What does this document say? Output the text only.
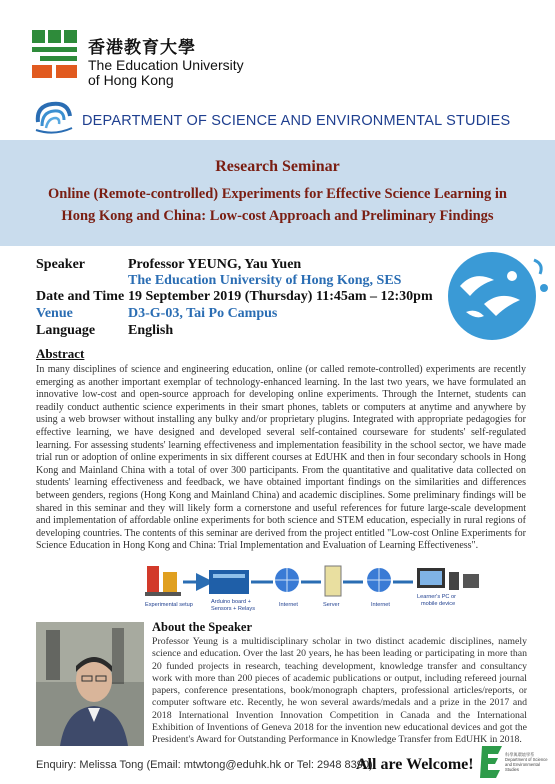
香港教育大學
The Education University
of Hong Kong
DEPARTMENT OF SCIENCE AND ENVIRONMENTAL STUDIES
Research Seminar
Online (Remote-controlled) Experiments for Effective Science Learning in
Hong Kong and China: Low-cost Approach and Preliminary Findings
Speaker	Professor YEUNG, Yau Yuen
The Education University of Hong Kong, SES
Date and Time 19 September 2019 (Thursday) 11:45am – 12:30pm
Venue	D3-G-03, Tai Po Campus
Language English
Abstract

In many disciplines of science and engineering education, online (or called remote-controlled) experiments are recently emerging as another important exemplar of technology-enhanced learning. In the last two years, we have formulated an innovative low-cost and open-source approach for developing online experiments. Through the Internet, students can readily conduct authentic science experiments in their smart phones, tablets or computers at anytime and anywhere by using a web browser without installing any bulky and/or proprietary plugins. Integrated with appropriate pedagogies for effective learning, we have designed and developed several self-contained courseware for students' self-regulated learning. For assessing students' learning effectiveness and implementation feasibility in the school sector, we have made trial run or adoption of online experiments in six different courses at EdUHK and then in four secondary schools in Hong Kong and Mainland China with a total of over 300 participants. From the quantitative and qualitative data collected on students' learning effectiveness and feedback, we have obtained important findings on the similarities and differences between genders, regions (Hong Kong and Mainland China) and academic disciplines. Some preliminary findings will be shared in this seminar and they will likely form a cornerstone and useful references for future large-scale development and implementation of affordable online experiments for both science and STEM education, especially in rural regions of developing countries. The contents of this seminar are derived from the project entitled "Low-cost Online Experiments for Science Education in Hong Kong and China: Trial Implementation and Evaluation of Learning Effectiveness".

Experimental setup	Arduino board +
Sensors + Relays
Internet	Server	Internet
Learner's PC or
mobile device
About the Speaker

Professor Yeung is a multidisciplinary scholar in two distinct academic disciplines, namely science and education. Over the last 20 years, he has been leading or participating in more than 20 funded projects in research, teaching development, knowledge transfer and consultancy work with more than 200 pieces of academic publications or output, including refereed journal papers, conference presentations, book/monograph chapters, professional articles/reports, or computer software etc. Recently, he won several awards/medals and a prize in the 2017 and 2018 International Invention Innovation Competition in Canada and the International Exhibition of Inventions of Geneva 2018 for the invention new educational devices and got the President's Award for Outstanding Performance in Knowledge Transfer from EdUHK in 2018.

Enquiry: Melissa Tong (Email: mtwtong@eduhk.hk or Tel: 2948 8390)
All are Welcome!
科學與環境學系
Department of Science and Environmental Studies
